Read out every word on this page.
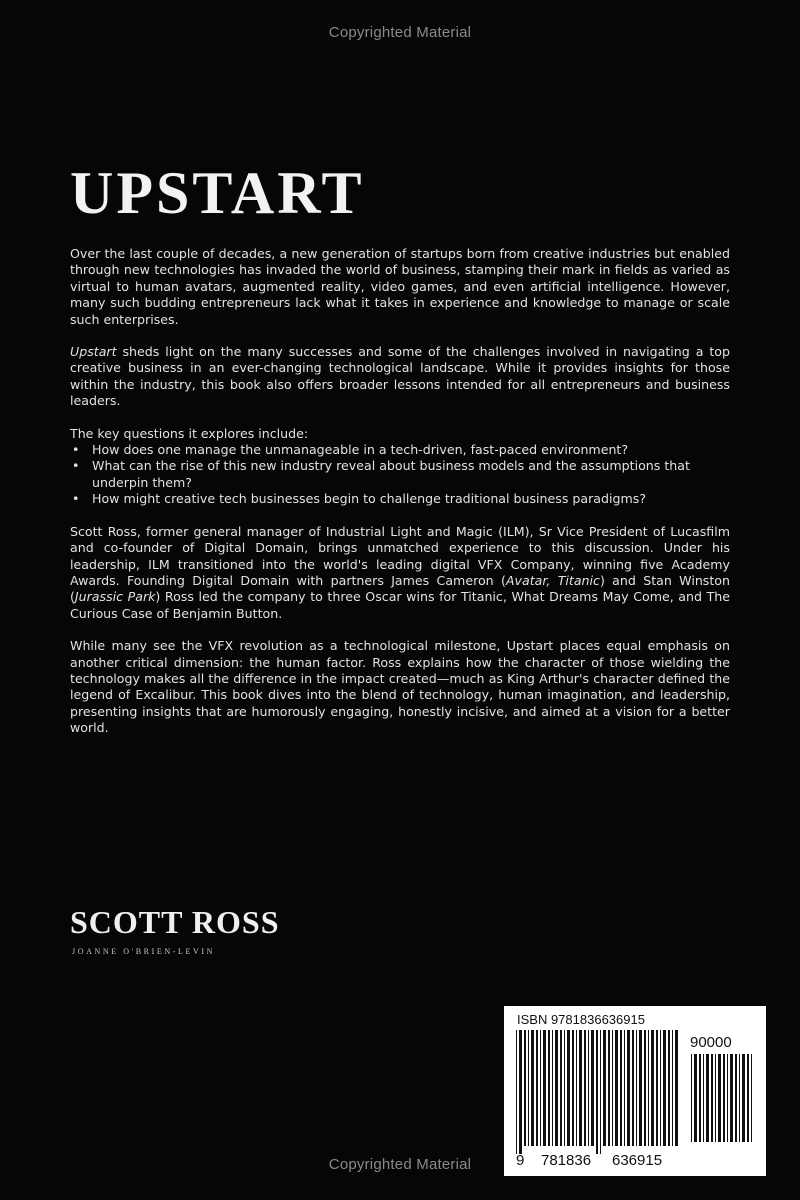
Copyrighted Material
UPSTART

Over the last couple of decades, a new generation of startups born from creative industries but enabled through new technologies has invaded the world of business, stamping their mark in fields as varied as virtual to human avatars, augmented reality, video games, and even artificial intelligence. However, many such budding entrepreneurs lack what it takes in experience and knowledge to manage or scale such enterprises.

Upstart sheds light on the many successes and some of the challenges involved in navigating a top creative business in an ever-changing technological landscape. While it provides insights for those within the industry, this book also offers broader lessons intended for all entrepreneurs and business leaders.

The key questions it explores include:

• How does one manage the unmanageable in a tech-driven, fast-paced environment?
• What can the rise of this new industry reveal about business models and the assumptions that underpin them?
• How might creative tech businesses begin to challenge traditional business paradigms?

Scott Ross, former general manager of Industrial Light and Magic (ILM), Sr Vice President of Lucasfilm and co-founder of Digital Domain, brings unmatched experience to this discussion. Under his leadership, ILM transitioned into the world's leading digital VFX Company, winning five Academy Awards. Founding Digital Domain with partners James Cameron (Avatar, Titanic) and Stan Winston (Jurassic Park) Ross led the company to three Oscar wins for Titanic, What Dreams May Come, and The Curious Case of Benjamin Button.

While many see the VFX revolution as a technological milestone, Upstart places equal emphasis on another critical dimension: the human factor. Ross explains how the character of those wielding the technology makes all the difference in the impact created—much as King Arthur's character defined the legend of Excalibur. This book dives into the blend of technology, human imagination, and leadership, presenting insights that are humorously engaging, honestly incisive, and aimed at a vision for a better world.

SCOTT ROSS
JOANNE O'BRIEN-LEVIN
ISBN 9781836636915
90000
9 781836 636915
Copyrighted Material
